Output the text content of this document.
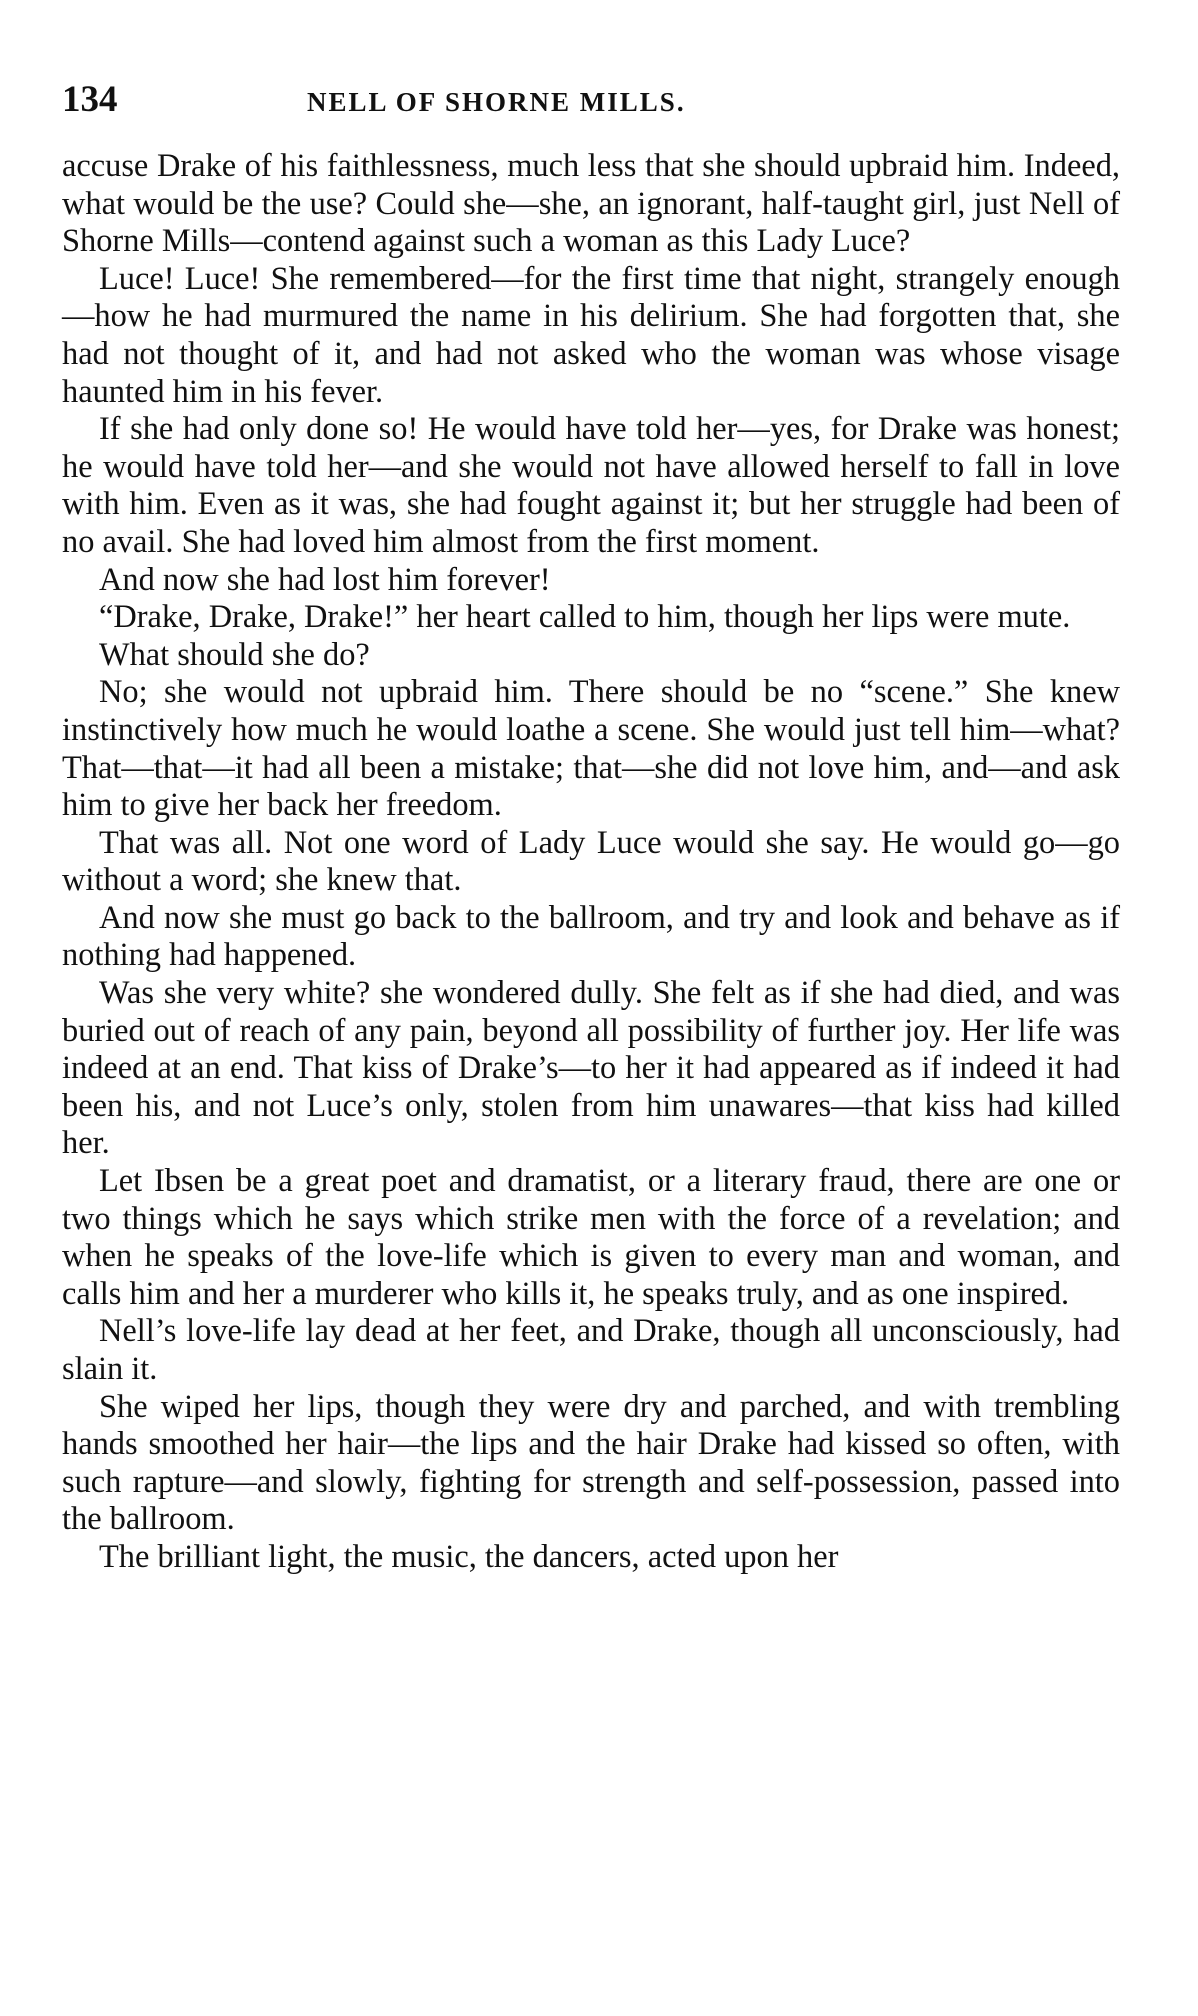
134	NELL OF SHORNE MILLS.

accuse Drake of his faithlessness, much less that she should upbraid him. Indeed, what would be the use? Could she—she, an ignorant, half-taught girl, just Nell of Shorne Mills—contend against such a woman as this Lady Luce?

Luce! Luce! She remembered—for the first time that night, strangely enough—how he had murmured the name in his delirium. She had forgotten that, she had not thought of it, and had not asked who the woman was whose visage haunted him in his fever.

If she had only done so! He would have told her—yes, for Drake was honest; he would have told her—and she would not have allowed herself to fall in love with him. Even as it was, she had fought against it; but her struggle had been of no avail. She had loved him almost from the first moment.

And now she had lost him forever!

“Drake, Drake, Drake!” her heart called to him, though her lips were mute.

What should she do?

No; she would not upbraid him. There should be no “scene.” She knew instinctively how much he would loathe a scene. She would just tell him—what? That—that—it had all been a mistake; that—she did not love him, and—and ask him to give her back her freedom.

That was all. Not one word of Lady Luce would she say. He would go—go without a word; she knew that.

And now she must go back to the ballroom, and try and look and behave as if nothing had happened.

Was she very white? she wondered dully. She felt as if she had died, and was buried out of reach of any pain, beyond all possibility of further joy. Her life was indeed at an end. That kiss of Drake’s—to her it had appeared as if indeed it had been his, and not Luce’s only, stolen from him unawares—that kiss had killed her.

Let Ibsen be a great poet and dramatist, or a literary fraud, there are one or two things which he says which strike men with the force of a revelation; and when he speaks of the love-life which is given to every man and woman, and calls him and her a murderer who kills it, he speaks truly, and as one inspired.

Nell’s love-life lay dead at her feet, and Drake, though all unconsciously, had slain it.

She wiped her lips, though they were dry and parched, and with trembling hands smoothed her hair—the lips and the hair Drake had kissed so often, with such rapture—and slowly, fighting for strength and self-possession, passed into the ballroom.

The brilliant light, the music, the dancers, acted upon her
